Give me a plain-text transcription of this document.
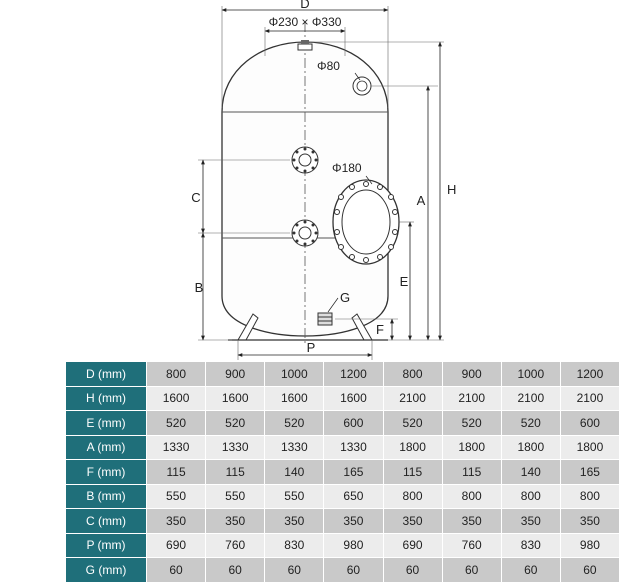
D
Φ230 × Φ330
Φ80
Φ180
C
B
A
H
E
G
F
P
D (mm)	800	900	1000	1200	800	900	1000	1200
H (mm)	1600	1600	1600	1600	2100	2100	2100	2100
E (mm)	520	520	520	600	520	520	520	600
A (mm)	1330	1330	1330	1330	1800	1800	1800	1800
F (mm)	115	115	140	165	115	115	140	165
B (mm)	550	550	550	650	800	800	800	800
C (mm)	350	350	350	350	350	350	350	350
P (mm)	690	760	830	980	690	760	830	980
G (mm)	60	60	60	60	60	60	60	60
